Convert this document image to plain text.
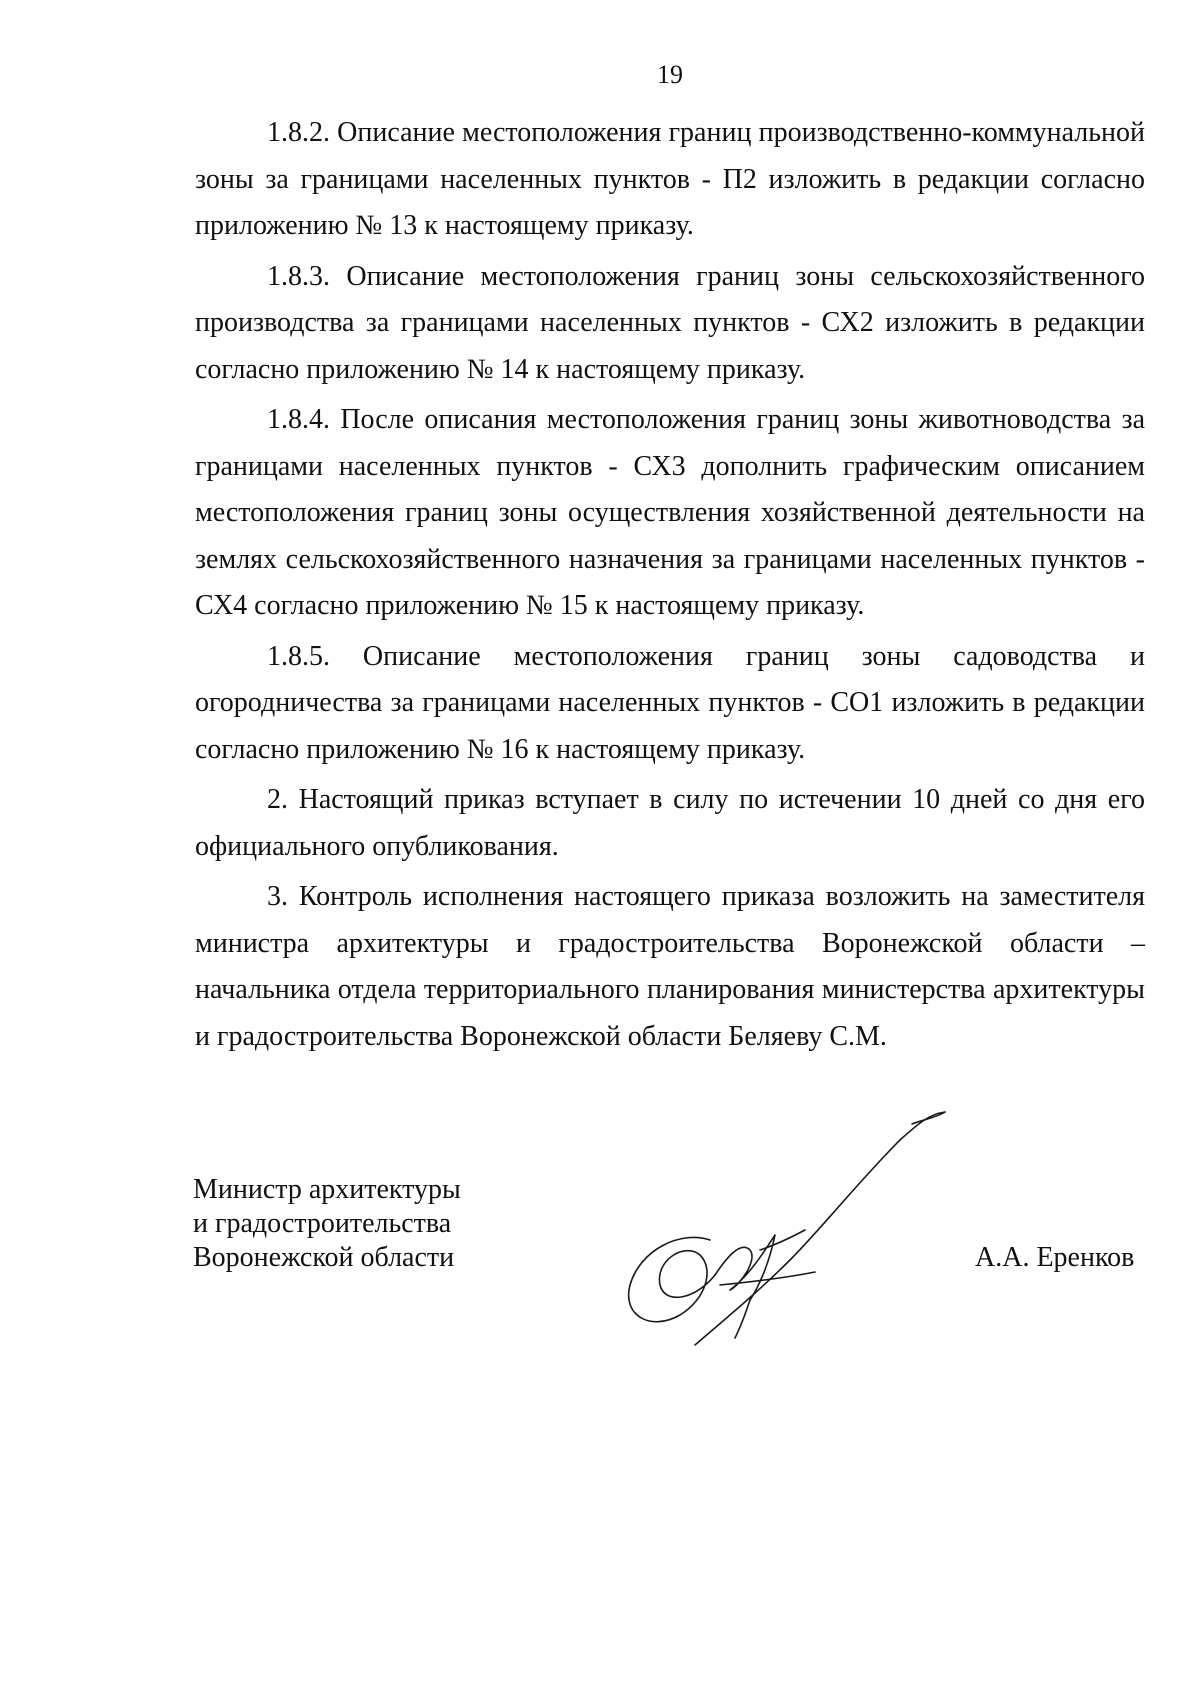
19

1.8.2. Описание местоположения границ производственно-коммунальной зоны за границами населенных пунктов - П2 изложить в редакции согласно приложению № 13 к настоящему приказу.

1.8.3. Описание местоположения границ зоны сельскохозяйственного производства за границами населенных пунктов - СХ2 изложить в редакции согласно приложению № 14 к настоящему приказу.

1.8.4. После описания местоположения границ зоны животноводства за границами населенных пунктов - СХ3 дополнить графическим описанием местоположения границ зоны осуществления хозяйственной деятельности на землях сельскохозяйственного назначения за границами населенных пунктов - СХ4 согласно приложению № 15 к настоящему приказу.

1.8.5. Описание местоположения границ зоны садоводства и огородничества за границами населенных пунктов - СО1 изложить в редакции согласно приложению № 16 к настоящему приказу.

2. Настоящий приказ вступает в силу по истечении 10 дней со дня его официального опубликования.

3. Контроль исполнения настоящего приказа возложить на заместителя министра архитектуры и градостроительства Воронежской области – начальника отдела территориального планирования министерства архитектуры и градостроительства Воронежской области Беляеву С.М.

Министр архитектуры
и градостроительства
Воронежской области	А.А. Еренков
